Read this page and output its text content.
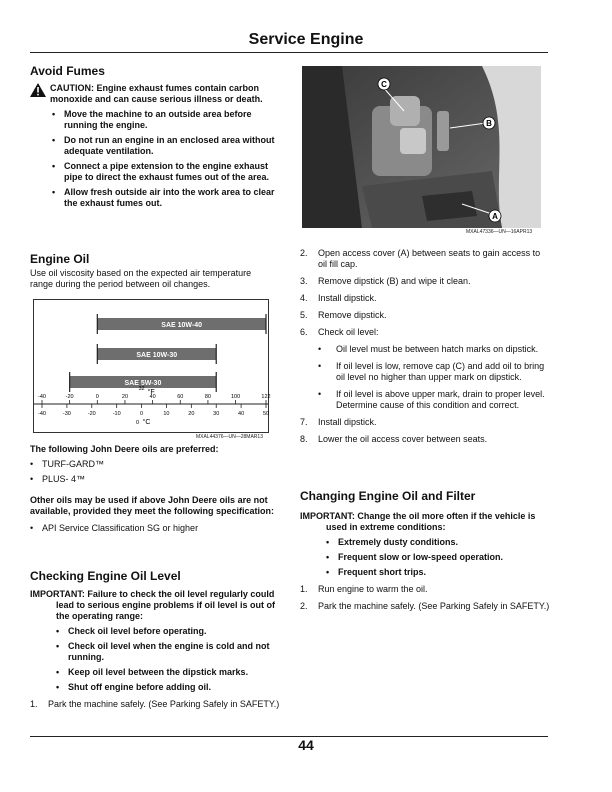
Service Engine
Avoid Fumes
CAUTION: Engine exhaust fumes contain carbon monoxide and can cause serious illness or death.
• Move the machine to an outside area before running the engine.
• Do not run an engine in an enclosed area without adequate ventilation.
• Connect a pipe extension to the engine exhaust pipe to direct the exhaust fumes out of the area.
• Allow fresh outside air into the work area to clear the exhaust fumes out.
C
B
A
MXAL47336—UN—16APR13
Engine Oil
Use oil viscosity based on the expected air temperature range during the period between oil changes.
SAE 10W-40
SAE 10W-30
SAE 5W-30
-40	-20	0	20	40	60	80	100	122
-40	-30	-20	-10	0	10	20	30	40	50
32 °F
0 °C
MXAL44376—UN—28MAR13
The following John Deere oils are preferred:
• TURF-GARD™
• PLUS- 4™
Other oils may be used if above John Deere oils are not available, provided they meet the following specification:
• API Service Classification SG or higher
Checking Engine Oil Level
IMPORTANT: Failure to check the oil level regularly could lead to serious engine problems if oil level is out of the operating range:
• Check oil level before operating.
• Check oil level when the engine is cold and not running.
• Keep oil level between the dipstick marks.
• Shut off engine before adding oil.
1. Park the machine safely. (See Parking Safely in SAFETY.)
2. Open access cover (A) between seats to gain access to oil fill cap.
3. Remove dipstick (B) and wipe it clean.
4. Install dipstick.
5. Remove dipstick.
6. Check oil level:
• Oil level must be between hatch marks on dipstick.
• If oil level is low, remove cap (C) and add oil to bring oil level no higher than upper mark on dipstick.
• If oil level is above upper mark, drain to proper level. Determine cause of this condition and correct.
7. Install dipstick.
8. Lower the oil access cover between seats.
Changing Engine Oil and Filter
IMPORTANT: Change the oil more often if the vehicle is used in extreme conditions:
• Extremely dusty conditions.
• Frequent slow or low-speed operation.
• Frequent short trips.
1. Run engine to warm the oil.
2. Park the machine safely. (See Parking Safely in SAFETY.)
44
